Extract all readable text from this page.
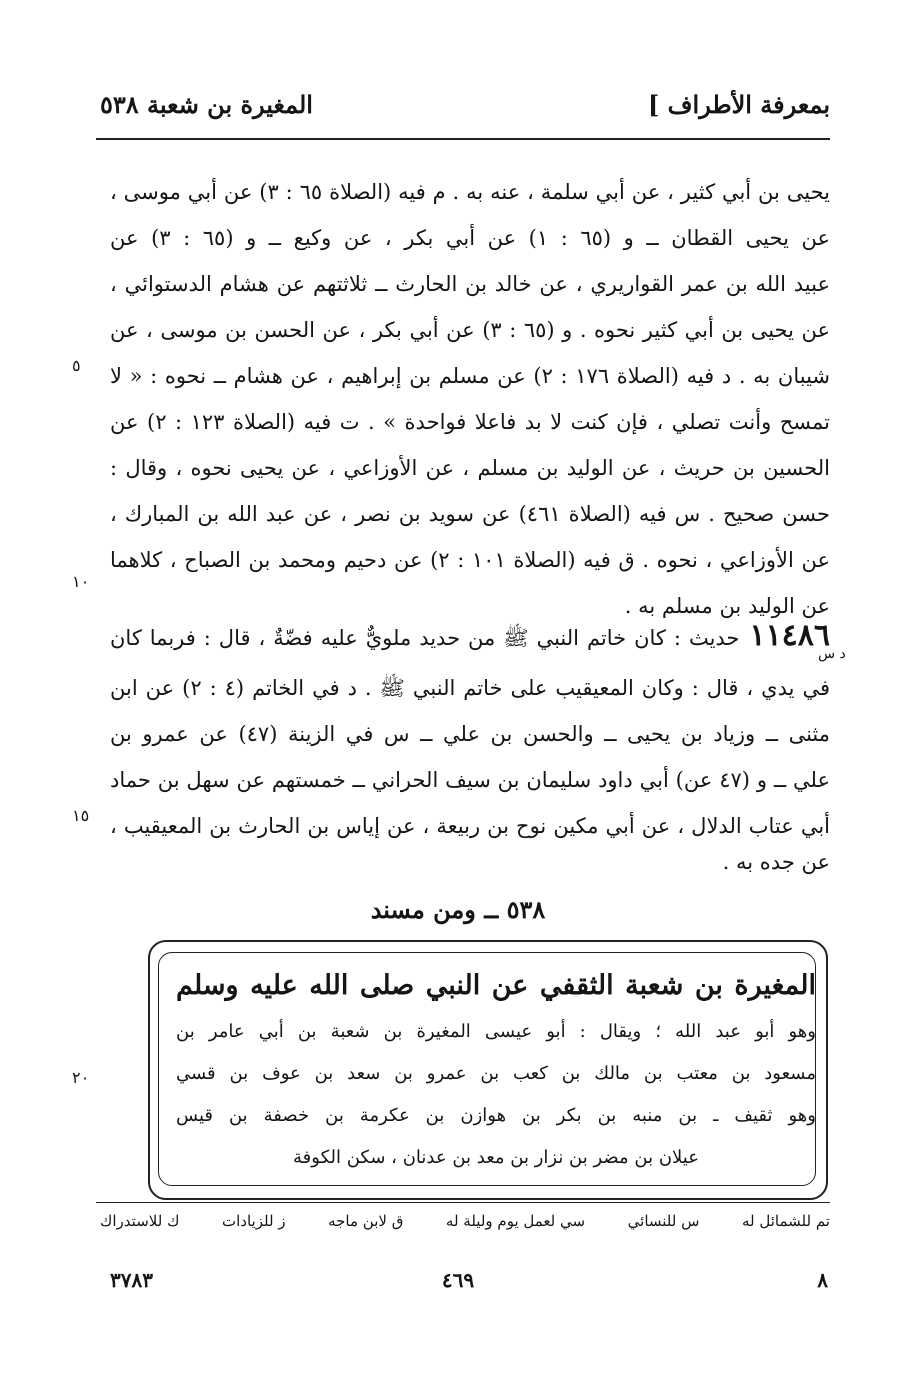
بمعرفة الأطراف ]
المغيرة بن شعبة ٥٣٨
يحيى بن أبي كثير ، عن أبي سلمة ، عنه به . م فيه (الصلاة ٦٥ : ٣) عن أبي موسى ،
عن يحيى القطان ــ و (٦٥ : ١) عن أبي بكر ، عن وكيع ــ و (٦٥ : ٣) عن
عبيد الله بن عمر القواريري ، عن خالد بن الحارث ــ ثلاثتهم عن هشام الدستوائي ،
عن يحيى بن أبي كثير نحوه . و (٦٥ : ٣) عن أبي بكر ، عن الحسن بن موسى ، عن
شيبان به . د فيه (الصلاة ١٧٦ : ٢) عن مسلم بن إبراهيم ، عن هشام ــ نحوه : « لا
تمسح وأنت تصلي ، فإن كنت لا بد فاعلا فواحدة » . ت فيه (الصلاة ١٢٣ : ٢) عن
الحسين بن حريث ، عن الوليد بن مسلم ، عن الأوزاعي ، عن يحيى نحوه ، وقال :
حسن صحيح . س فيه (الصلاة ٤٦١) عن سويد بن نصر ، عن عبد الله بن المبارك ،
عن الأوزاعي ، نحوه . ق فيه (الصلاة ١٠١ : ٢) عن دحيم ومحمد بن الصباح ، كلاهما
عن الوليد بن مسلم به .
١١٤٨٦حديث : كان خاتم النبي ﷺ من حديد ملويٌّ عليه فضّةٌ ، قال : فربما كان
د س
في يدي ، قال : وكان المعيقيب على خاتم النبي ﷺ . د في الخاتم (٤ : ٢) عن ابن
مثنى ــ وزياد بن يحيى ــ والحسن بن علي ــ س في الزينة (٤٧) عن عمرو بن
علي ــ و (٤٧ عن) أبي داود سليمان بن سيف الحراني ــ خمستهم عن سهل بن حماد
أبي عتاب الدلال ، عن أبي مكين نوح بن ربيعة ، عن إياس بن الحارث بن المعيقيب ،
عن جده به .
٥
١٠
١٥
٢٠
٥٣٨ ــ ومن مسند
المغيرة بن شعبة الثقفي عن النبي صلى الله عليه وسلم
وهو أبو عبد الله ؛ ويقال : أبو عيسى المغيرة بن شعبة بن أبي عامر بن
مسعود بن معتب بن مالك بن كعب بن عمرو بن سعد بن عوف بن قسي
وهو ثقيف ـ بن منبه بن بكر بن هوازن بن عكرمة بن خصفة بن قيس
عيلان بن مضر بن نزار بن معد بن عدنان ، سكن الكوفة
تم للشمائل له
س للنسائي
سي لعمل يوم وليلة له
ق لابن ماجه
ز للزيادات
ك للاستدراك
٨
٤٦٩
٣٧٨٣
